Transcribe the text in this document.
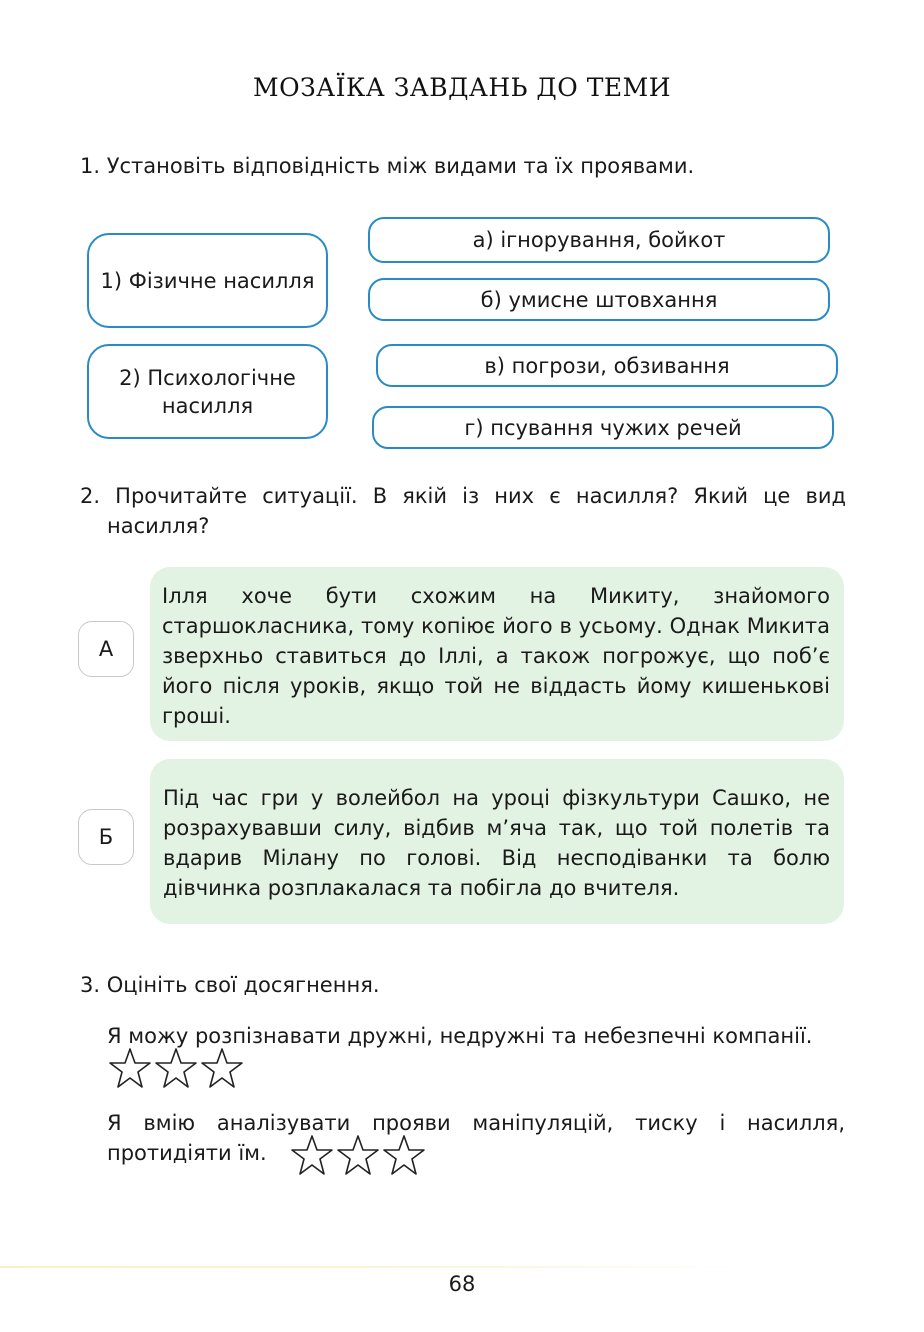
МОЗАЇКА ЗАВДАНЬ ДО ТЕМИ
1. Установіть відповідність між видами та їх проявами.
1) Фізичне насилля
2) Психологічне насилля
а) ігнорування, бойкот
б) умисне штовхання
в) погрози, обзивання
г) псування чужих речей
2. Прочитайте ситуації. В якій із них є насилля? Який це вид насилля?
А
Ілля хоче бути схожим на Микиту, знайомого старшокласника, тому копіює його в усьому. Однак Микита зверхньо ставиться до Іллі, а також погрожує, що поб’є його після уроків, якщо той не віддасть йому кишенькові гроші.
Б
Під час гри у волейбол на уроці фізкультури Сашко, не розрахувавши силу, відбив м’яча так, що той полетів та вдарив Мілану по голові. Від несподіванки та болю дівчинка розплакалася та побігла до вчителя.
3. Оцініть свої досягнення.
Я можу розпізнавати дружні, недружні та небезпечні компанії.
Я вмію аналізувати прояви маніпуляцій, тиску і насилля, протидіяти їм.
68
